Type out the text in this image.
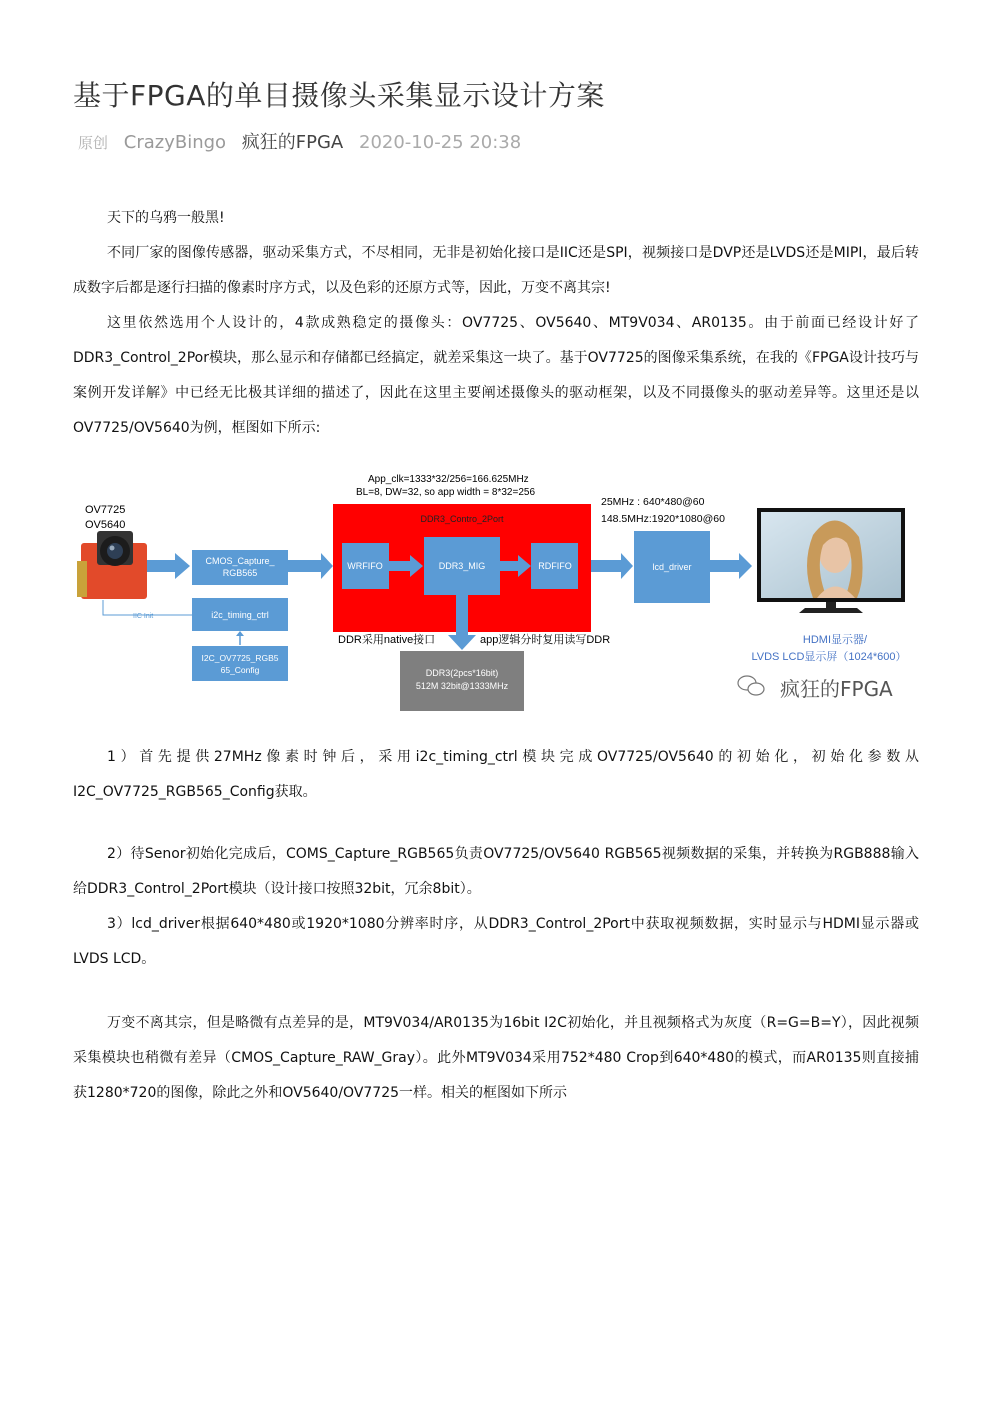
基于FPGA的单目摄像头采集显示设计方案
原创 CrazyBingo 疯狂的FPGA 2020-10-25 20:38

天下的乌鸦一般黑!

不同厂家的图像传感器，驱动采集方式，不尽相同，无非是初始化接口是IIC还是SPI，视频接口是DVP还是LVDS还是MIPI，最后转成数字后都是逐行扫描的像素时序方式，以及色彩的还原方式等，因此，万变不离其宗!

这里依然选用个人设计的，4款成熟稳定的摄像头：OV7725、OV5640、MT9V034、AR0135。由于前面已经设计好了DDR3_Control_2Por模块，那么显示和存储都已经搞定，就差采集这一块了。基于OV7725的图像采集系统，在我的《FPGA设计技巧与案例开发详解》中已经无比极其详细的描述了，因此在这里主要阐述摄像头的驱动框架，以及不同摄像头的驱动差异等。这里还是以OV7725/OV5640为例，框图如下所示:

OV7725
OV5640
IIC Init
CMOS_Capture_
RGB565
i2c_timing_ctrl
I2C_OV7725_RGB5
65_Config
App_clk=1333*32/256=166.625MHz
BL=8, DW=32, so app width = 8*32=256
DDR3_Contro_2Port
WRFIFO	DDR3_MIG	RDFIFO
DDR采用native接口	app逻辑分时复用读写DDR
DDR3(2pcs*16bit)
512M 32bit@1333MHz
25MHz : 640*480@60
148.5MHz:1920*1080@60
lcd_driver
HDMI显示器/
LVDS LCD显示屏（1024*600）
疯狂的FPGA

1）首先提供27MHz像素时钟后，采用i2c_timing_ctrl模块完成OV7725/OV5640的初始化，初始化参数从I2C_OV7725_RGB565_Config获取。

2）待Senor初始化完成后，COMS_Capture_RGB565负责OV7725/OV5640 RGB565视频数据的采集，并转换为RGB888输入给DDR3_Control_2Port模块（设计接口按照32bit，冗余8bit）。

3）lcd_driver根据640*480或1920*1080分辨率时序，从DDR3_Control_2Port中获取视频数据，实时显示与HDMI显示器或LVDS LCD。

万变不离其宗，但是略微有点差异的是，MT9V034/AR0135为16bit I2C初始化，并且视频格式为灰度（R=G=B=Y），因此视频采集模块也稍微有差异（CMOS_Capture_RAW_Gray）。此外MT9V034采用752*480 Crop到640*480的模式，而AR0135则直接捕获1280*720的图像，除此之外和OV5640/OV7725一样。相关的框图如下所示
